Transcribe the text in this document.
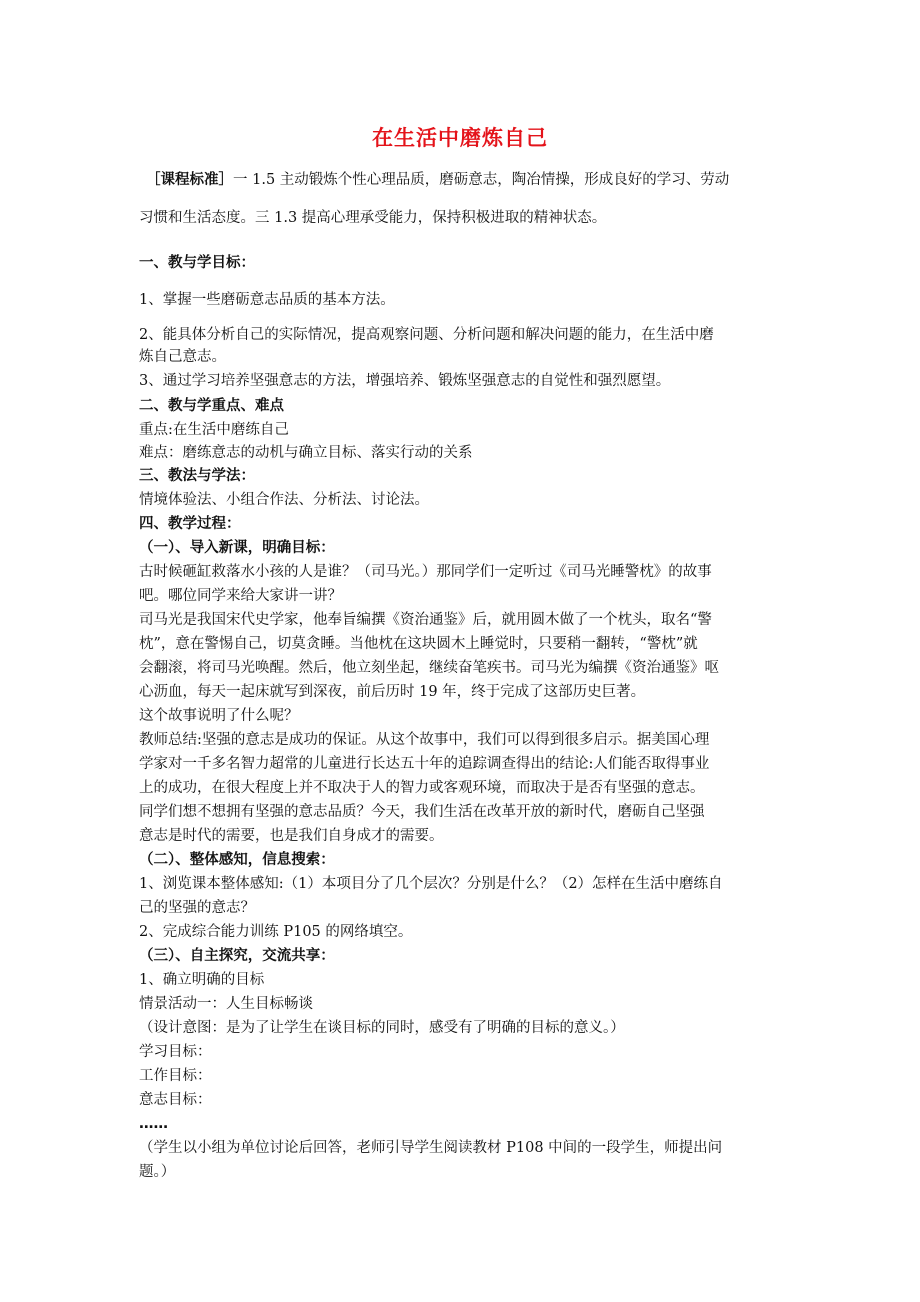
在生活中磨炼自己
［课程标准］一 1.5 主动锻炼个性心理品质，磨砺意志，陶冶情操，形成良好的学习、劳动
习惯和生活态度。三 1.3 提高心理承受能力，保持积极进取的精神状态。
一、教与学目标：
1、掌握一些磨砺意志品质的基本方法。
2、能具体分析自己的实际情况，提高观察问题、分析问题和解决问题的能力，在生活中磨
炼自己意志。
3、通过学习培养坚强意志的方法，增强培养、锻炼坚强意志的自觉性和强烈愿望。
二、教与学重点、难点
重点:在生活中磨练自己
难点：磨练意志的动机与确立目标、落实行动的关系
三、教法与学法：
情境体验法、小组合作法、分析法、讨论法。
四、教学过程：
（一）、导入新课，明确目标：
古时候砸缸救落水小孩的人是谁？（司马光。）那同学们一定听过《司马光睡警枕》的故事
吧。哪位同学来给大家讲一讲？
司马光是我国宋代史学家，他奉旨编撰《资治通鉴》后，就用圆木做了一个枕头，取名“警
枕”，意在警惕自己，切莫贪睡。当他枕在这块圆木上睡觉时，只要稍一翻转，“警枕”就
会翻滚，将司马光唤醒。然后，他立刻坐起，继续奋笔疾书。司马光为编撰《资治通鉴》呕
心沥血，每天一起床就写到深夜，前后历时 19 年，终于完成了这部历史巨著。
这个故事说明了什么呢？
教师总结:坚强的意志是成功的保证。从这个故事中，我们可以得到很多启示。据美国心理
学家对一千多名智力超常的儿童进行长达五十年的追踪调查得出的结论:人们能否取得事业
上的成功，在很大程度上并不取决于人的智力或客观环境，而取决于是否有坚强的意志。
同学们想不想拥有坚强的意志品质？今天，我们生活在改革开放的新时代，磨砺自己坚强
意志是时代的需要，也是我们自身成才的需要。
（二）、整体感知，信息搜索：
1、浏览课本整体感知:（1）本项目分了几个层次？分别是什么？（2）怎样在生活中磨练自
己的坚强的意志？
2、完成综合能力训练 P105 的网络填空。
（三）、自主探究，交流共享：
1、确立明确的目标
情景活动一：人生目标畅谈
（设计意图：是为了让学生在谈目标的同时，感受有了明确的目标的意义。）
学习目标：
工作目标：
意志目标：
……
（学生以小组为单位讨论后回答，老师引导学生阅读教材 P108 中间的一段学生，师提出问
题。）
